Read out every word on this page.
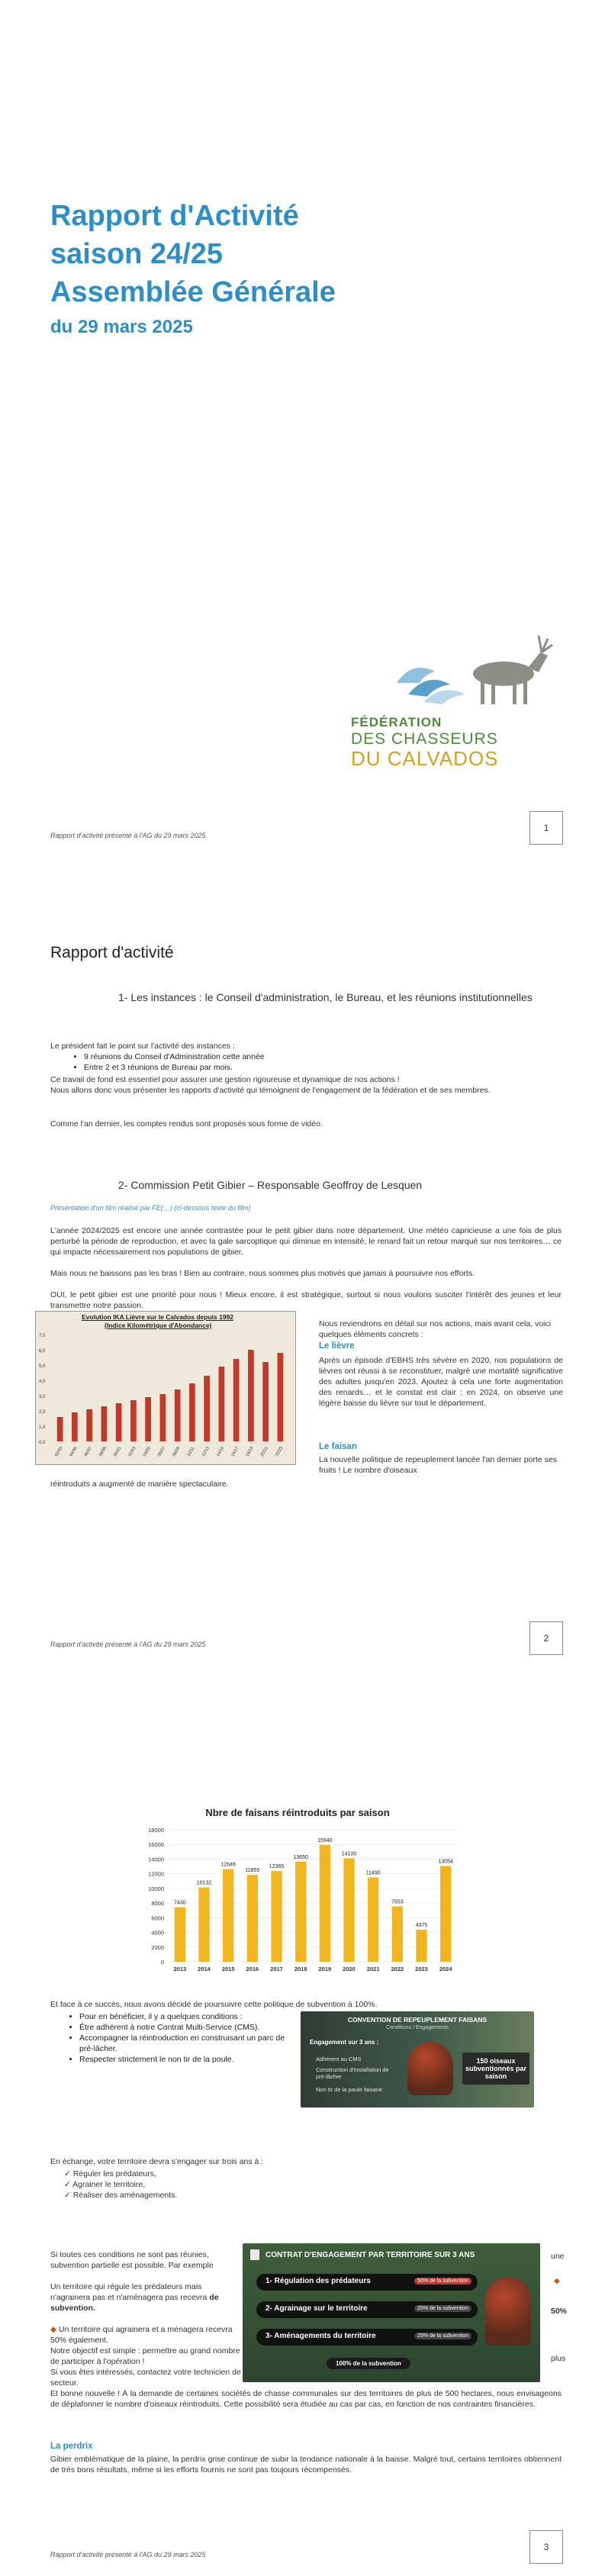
Rapport d'Activité
saison 24/25
Assemblée Générale
du 29 mars 2025
FÉDÉRATION
DES CHASSEURS
DU CALVADOS
Rapport d'activité présenté à l'AG du 29 mars 2025
1
Rapport d'activité
1- Les instances : le Conseil d'administration, le Bureau, et les réunions institutionnelles
Le président fait le point sur l'activité des instances :
• 9 réunions du Conseil d'Administration cette année
• Entre 2 et 3 réunions de Bureau par mois.
Ce travail de fond est essentiel pour assurer une gestion rigoureuse et dynamique de nos actions !
Nous allons donc vous présenter les rapports d'activité qui témoignent de l'engagement de la fédération et de ses membres.
Comme l'an dernier, les comptes rendus sont proposés sous forme de vidéo.
2- Commission Petit Gibier – Responsable Geoffroy de Lesquen
Présentation d'un film réalisé par FE(…) (ci-dessous texte du film)
L'année 2024/2025 est encore une année contrastée pour le petit gibier dans notre département. Une météo capricieuse a une fois de plus perturbé la période de reproduction, et avec la gale sarcoptique qui diminue en intensité, le renard fait un retour marqué sur nos territoires… ce qui impacte nécessairement nos populations de gibier.
Mais nous ne baissons pas les bras ! Bien au contraire, nous sommes plus motivés que jamais à poursuivre nos efforts.
OUI, le petit gibier est une priorité pour nous ! Mieux encore, il est stratégique, surtout si nous voulons susciter l'intérêt des jeunes et leur transmettre notre passion.
Evolution IKA Lièvre sur le Calvados depuis 1992
(Indice Kilométrique d'Abondance)
7,0
6,0
5,0
4,0
3,0
2,0
1,0
0,0
92/93 94/95 96/97 98/99 00/01 02/03 04/05 06/07 08/09 10/11 12/13 14/15 16/17 18/19 20/21 22/23
Nous reviendrons en détail sur nos actions, mais avant cela, voici quelques éléments concrets :
Le lièvre
Après un épisode d'EBHS très sévère en 2020, nos populations de lièvres ont réussi à se reconstituer, malgré une mortalité significative des adultes jusqu'en 2023. Ajoutez à cela une forte augmentation des renards… et le constat est clair : en 2024, on observe une légère baisse du lièvre sur tout le département.
Le faisan
La nouvelle politique de repeuplement lancée l'an dernier porte ses fruits ! Le nombre d'oiseaux
réintroduits a augmenté de manière spectaculaire.
Rapport d'activité présenté à l'AG du 29 mars 2025
2
Nbre de faisans réintroduits par saison
0
2000
4000
6000
8000
10000
12000
14000
16000
18000
7430
2013
10132
2014
12646
2015
11855
2016
12365
2017
13650
2018
15940
2019
14100
2020
11490
2021
7553
2022
4375
2023
13054
2024
Et face à ce succès, nous avons décidé de poursuivre cette politique de subvention à 100%.
• Pour en bénéficier, il y a quelques conditions :
• Être adhérent à notre Contrat Multi-Service (CMS).
• Accompagner la réintroduction en construisant un parc de pré-lâcher.
• Respecter strictement le non tir de la poule.
CONVENTION DE REPEUPLEMENT FAISANS
Conditions / Engagements
Engagement sur 3 ans :
Adhérent au CMS
Construction d'installation de pré-lâcher
Non tir de la poule faisane
150 oiseaux subventionnés par saison
En échange, votre territoire devra s'engager sur trois ans à :
✓ Réguler les prédateurs,
✓ Agrainer le territoire,
✓ Réaliser des aménagements.
Si toutes ces conditions ne sont pas réunies, subvention partielle est possible. Par exemple
Un territoire qui régule les prédateurs mais n'agrainera pas et n'aménagera pas recevra de subvention.
◆ Un territoire qui agrainera et a ménagera recevra 50% également.
Notre objectif est simple : permettre au grand nombre de participer à l'opération !
Si vous êtes intéressés, contactez votre technicien de secteur.
CONTRAT D'ENGAGEMENT PAR TERRITOIRE SUR 3 ANS
1- Régulation des prédateurs	50% de la subvention
2- Agrainage sur le territoire	25% de la subvention
3- Aménagements du territoire	25% de la subvention
100% de la subvention
une
◆
50%
plus
Et bonne nouvelle ! À la demande de certaines sociétés de chasse communales sur des territoires de plus de 500 hectares, nous envisageons de déplafonner le nombre d'oiseaux réintroduits. Cette possibilité sera étudiée au cas par cas, en fonction de nos contraintes financières.
La perdrix
Gibier emblématique de la plaine, la perdrix grise continue de subir la tendance nationale à la baisse. Malgré tout, certains territoires obtiennent de très bons résultats, même si les efforts fournis ne sont pas toujours récompensés.
Rapport d'activité présenté à l'AG du 29 mars 2025
3
